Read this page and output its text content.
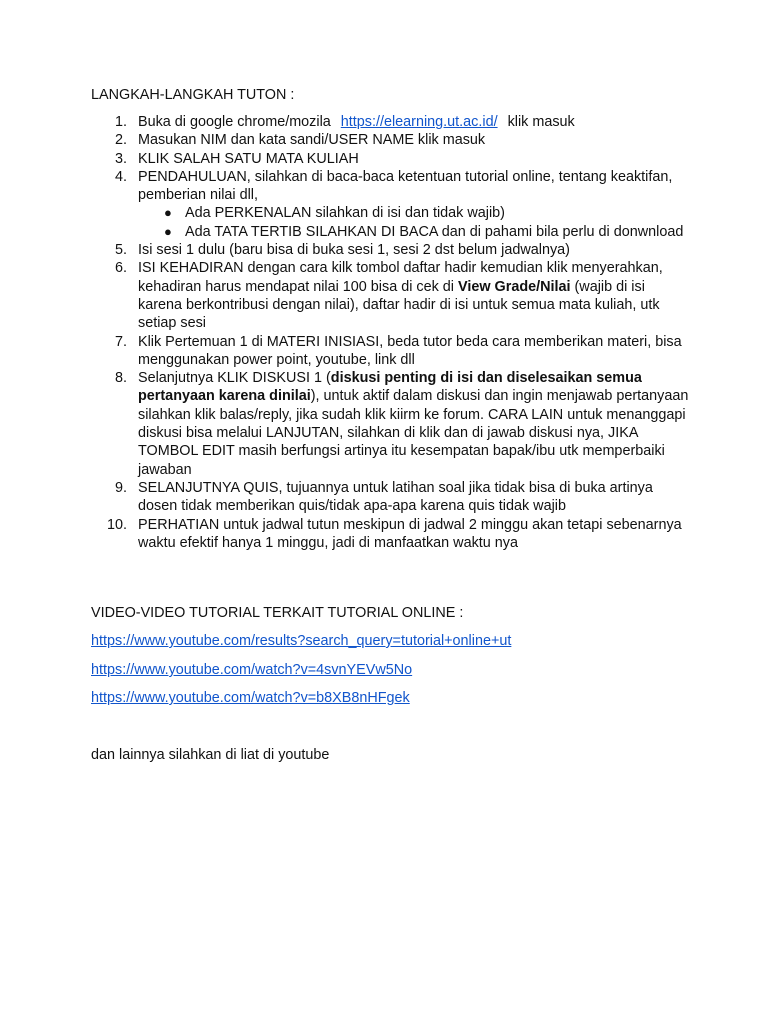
LANGKAH-LANGKAH TUTON :

1. Buka di google chrome/mozila https://elearning.ut.ac.id/ klik masuk
2. Masukan NIM dan kata sandi/USER NAME klik masuk
3. KLIK SALAH SATU MATA KULIAH
4. PENDAHULUAN, silahkan di baca-baca ketentuan tutorial online, tentang keaktifan, pemberian nilai dll,
● Ada PERKENALAN silahkan di isi dan tidak wajib)
● Ada TATA TERTIB SILAHKAN DI BACA dan di pahami bila perlu di donwnload
5. Isi sesi 1 dulu (baru bisa di buka sesi 1, sesi 2 dst belum jadwalnya)
6. ISI KEHADIRAN dengan cara kilk tombol daftar hadir kemudian klik menyerahkan, kehadiran harus mendapat nilai 100 bisa di cek di View Grade/Nilai (wajib di isi karena berkontribusi dengan nilai), daftar hadir di isi untuk semua mata kuliah, utk setiap sesi
7. Klik Pertemuan 1 di MATERI INISIASI, beda tutor beda cara memberikan materi, bisa menggunakan power point, youtube, link dll
8. Selanjutnya KLIK DISKUSI 1 (diskusi penting di isi dan diselesaikan semua pertanyaan karena dinilai), untuk aktif dalam diskusi dan ingin menjawab pertanyaan silahkan klik balas/reply, jika sudah klik kiirm ke forum. CARA LAIN untuk menanggapi diskusi bisa melalui LANJUTAN, silahkan di klik dan di jawab diskusi nya, JIKA TOMBOL EDIT masih berfungsi artinya itu kesempatan bapak/ibu utk memperbaiki jawaban
9. SELANJUTNYA QUIS, tujuannya untuk latihan soal jika tidak bisa di buka artinya dosen tidak memberikan quis/tidak apa-apa karena quis tidak wajib
10. PERHATIAN untuk jadwal tutun meskipun di jadwal 2 minggu akan tetapi sebenarnya waktu efektif hanya 1 minggu, jadi di manfaatkan waktu nya

VIDEO-VIDEO TUTORIAL TERKAIT TUTORIAL ONLINE :

https://www.youtube.com/results?search_query=tutorial+online+ut
https://www.youtube.com/watch?v=4svnYEVw5No
https://www.youtube.com/watch?v=b8XB8nHFgek

dan lainnya silahkan di liat di youtube
